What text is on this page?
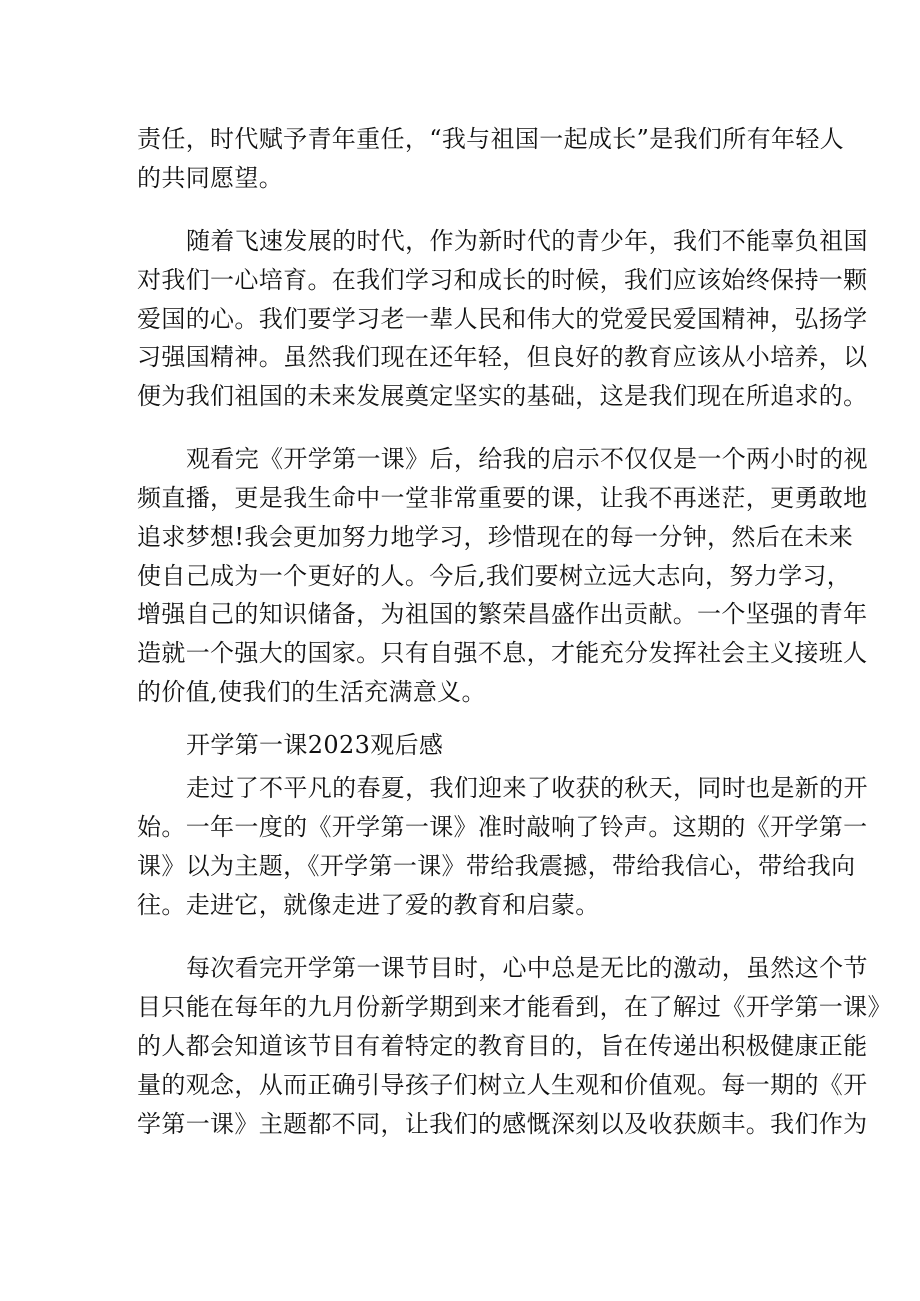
责任，时代赋予青年重任，“我与祖国一起成长”是我们所有年轻人
的共同愿望。
随着飞速发展的时代，作为新时代的青少年，我们不能辜负祖国
对我们一心培育。在我们学习和成长的时候，我们应该始终保持一颗
爱国的心。我们要学习老一辈人民和伟大的党爱民爱国精神，弘扬学
习强国精神。虽然我们现在还年轻，但良好的教育应该从小培养，以
便为我们祖国的未来发展奠定坚实的基础，这是我们现在所追求的。
观看完《开学第一课》后，给我的启示不仅仅是一个两小时的视
频直播，更是我生命中一堂非常重要的课，让我不再迷茫，更勇敢地
追求梦想!我会更加努力地学习，珍惜现在的每一分钟，然后在未来
使自己成为一个更好的人。今后,我们要树立远大志向，努力学习，
增强自己的知识储备，为祖国的繁荣昌盛作出贡献。一个坚强的青年
造就一个强大的国家。只有自强不息，才能充分发挥社会主义接班人
的价值,使我们的生活充满意义。
开学第一课2023观后感
走过了不平凡的春夏，我们迎来了收获的秋天，同时也是新的开
始。一年一度的《开学第一课》准时敲响了铃声。这期的《开学第一
课》以为主题，《开学第一课》带给我震撼，带给我信心，带给我向
往。走进它，就像走进了爱的教育和启蒙。
每次看完开学第一课节目时，心中总是无比的激动，虽然这个节
目只能在每年的九月份新学期到来才能看到，在了解过《开学第一课》
的人都会知道该节目有着特定的教育目的，旨在传递出积极健康正能
量的观念，从而正确引导孩子们树立人生观和价值观。每一期的《开
学第一课》主题都不同，让我们的感慨深刻以及收获颇丰。我们作为
